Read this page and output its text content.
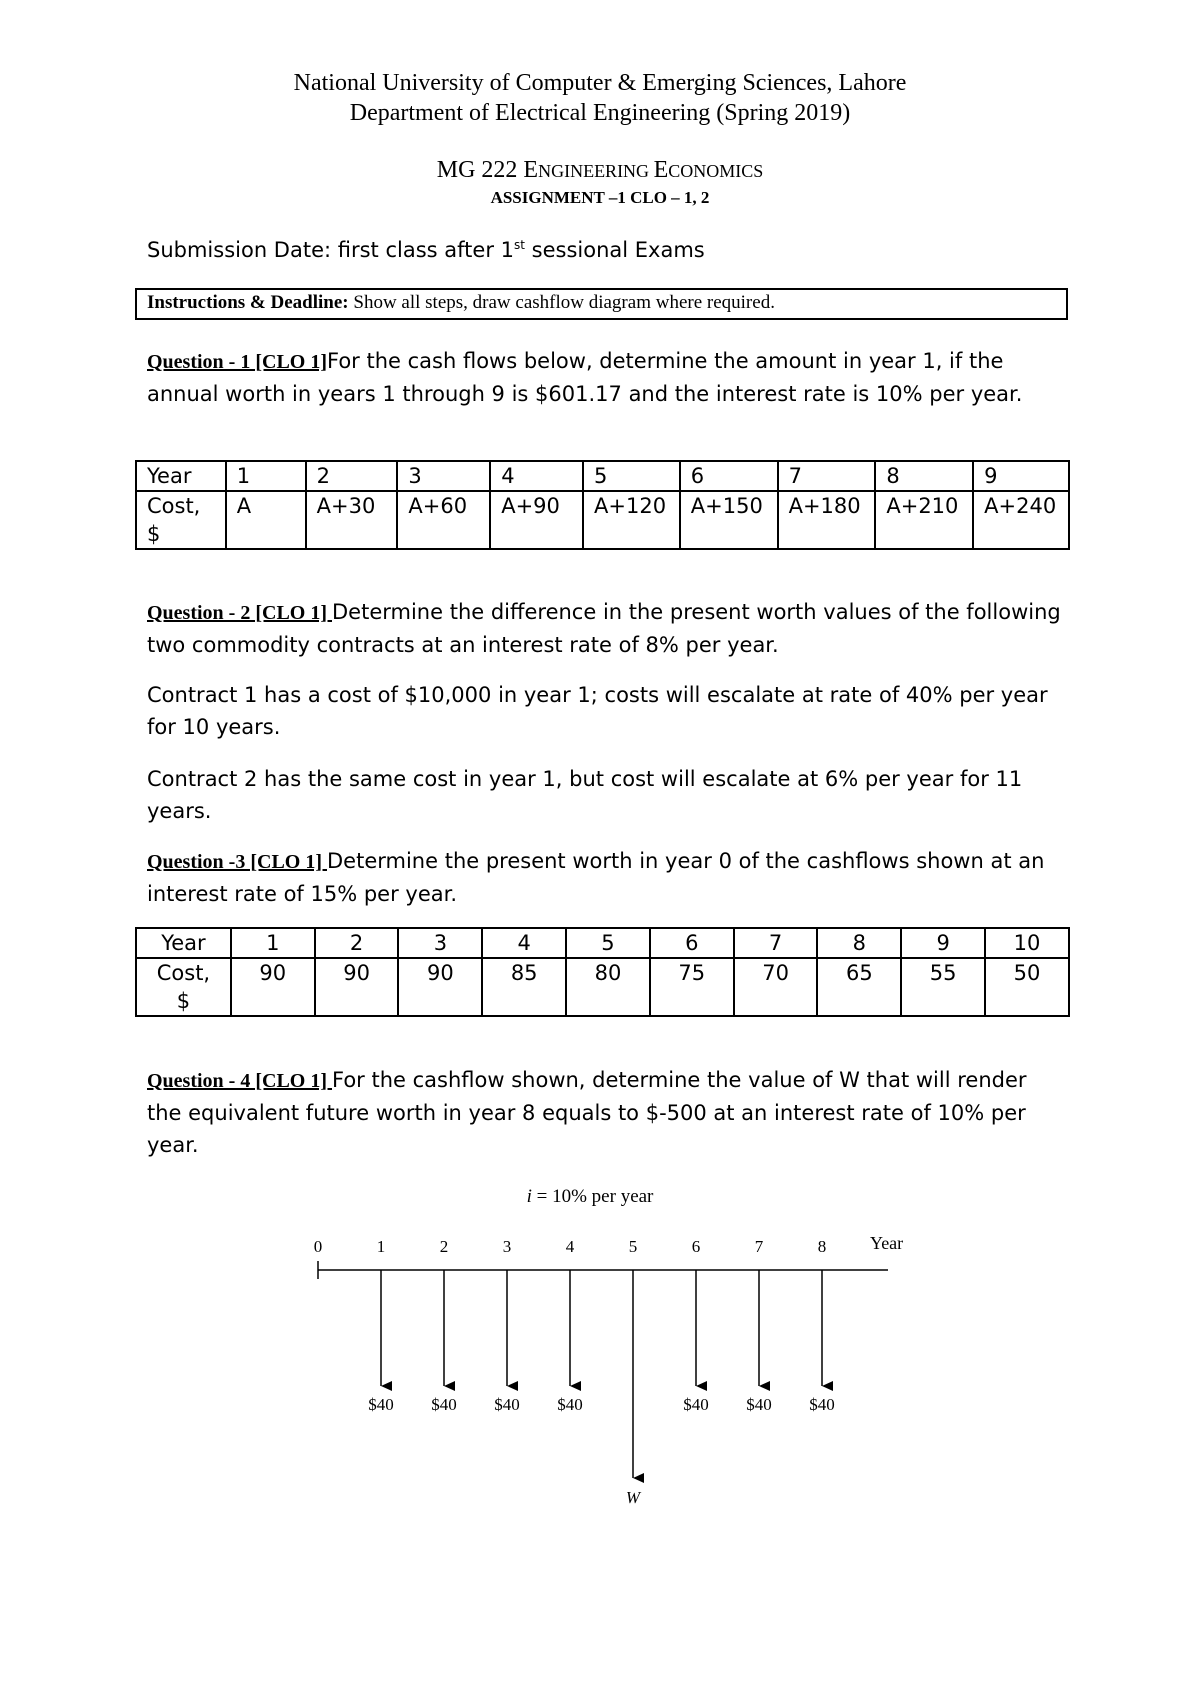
National University of Computer & Emerging Sciences, Lahore
Department of Electrical Engineering (Spring 2019)
MG 222 ENGINEERING ECONOMICS
ASSIGNMENT –1 CLO – 1, 2
Submission Date: first class after 1st sessional Exams
Instructions & Deadline: Show all steps, draw cashflow diagram where required.
Question - 1 [CLO 1]For the cash flows below, determine the amount in year 1, if the annual worth in years 1 through 9 is $601.17 and the interest rate is 10% per year.
Year	1	2	3	4	5	6	7	8	9
Cost, $	A	A+30	A+60	A+90	A+120	A+150	A+180	A+210	A+240
Question - 2 [CLO 1] Determine the difference in the present worth values of the following two commodity contracts at an interest rate of 8% per year.
Contract 1 has a cost of $10,000 in year 1; costs will escalate at rate of 40% per year for 10 years.
Contract 2 has the same cost in year 1, but cost will escalate at 6% per year for 11 years.
Question -3 [CLO 1] Determine the present worth in year 0 of the cashflows shown at an interest rate of 15% per year.
Year	1	2	3	4	5	6	7	8	9	10
Cost, $	90	90	90	85	80	75	70	65	55	50
Question - 4 [CLO 1] For the cashflow shown, determine the value of W that will render the equivalent future worth in year 8 equals to $-500 at an interest rate of 10% per year.
i = 10% per year
Year
0	1	2	3	4	5	6	7	8
$40 $40 $40 $40
W
$40 $40 $40
